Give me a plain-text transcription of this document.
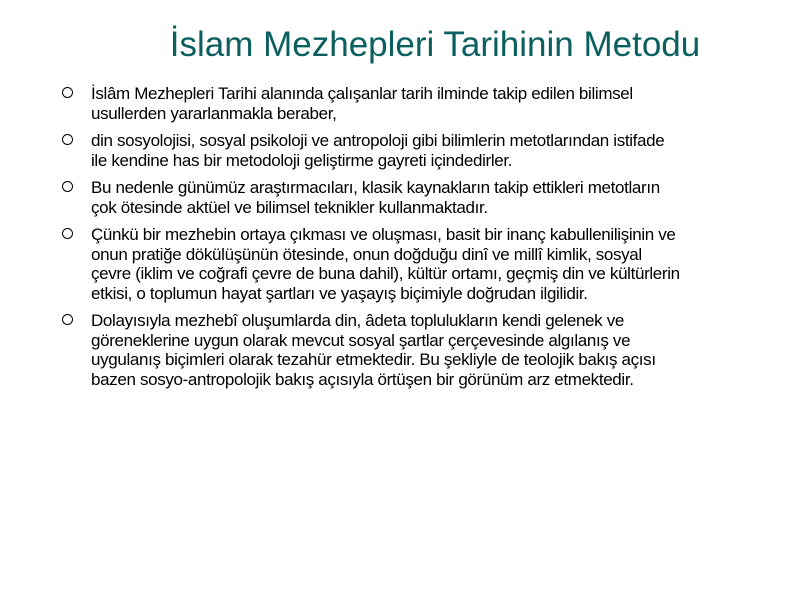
İslam Mezhepleri Tarihinin Metodu
İslâm Mezhepleri Tarihi alanında çalışanlar tarih ilminde takip edilen bilimsel
usullerden yararlanmakla beraber,
din sosyolojisi, sosyal psikoloji ve antropoloji gibi bilimlerin metotlarından istifade
ile kendine has bir metodoloji geliştirme gayreti içindedirler.
Bu nedenle günümüz araştırmacıları, klasik kaynakların takip ettikleri metotların
çok ötesinde aktüel ve bilimsel teknikler kullanmaktadır.
Çünkü bir mezhebin ortaya çıkması ve oluşması, basit bir inanç kabullenilişinin ve
onun pratiğe dökülüşünün ötesinde, onun doğduğu dinî ve millî kimlik, sosyal
çevre (iklim ve coğrafi çevre de buna dahil), kültür ortamı, geçmiş din ve kültürlerin
etkisi, o toplumun hayat şartları ve yaşayış biçimiyle doğrudan ilgilidir.
Dolayısıyla mezhebî oluşumlarda din, âdeta toplulukların kendi gelenek ve
göreneklerine uygun olarak mevcut sosyal şartlar çerçevesinde algılanış ve
uygulanış biçimleri olarak tezahür etmektedir. Bu şekliyle de teolojik bakış açısı
bazen sosyo-antropolojik bakış açısıyla örtüşen bir görünüm arz etmektedir.
